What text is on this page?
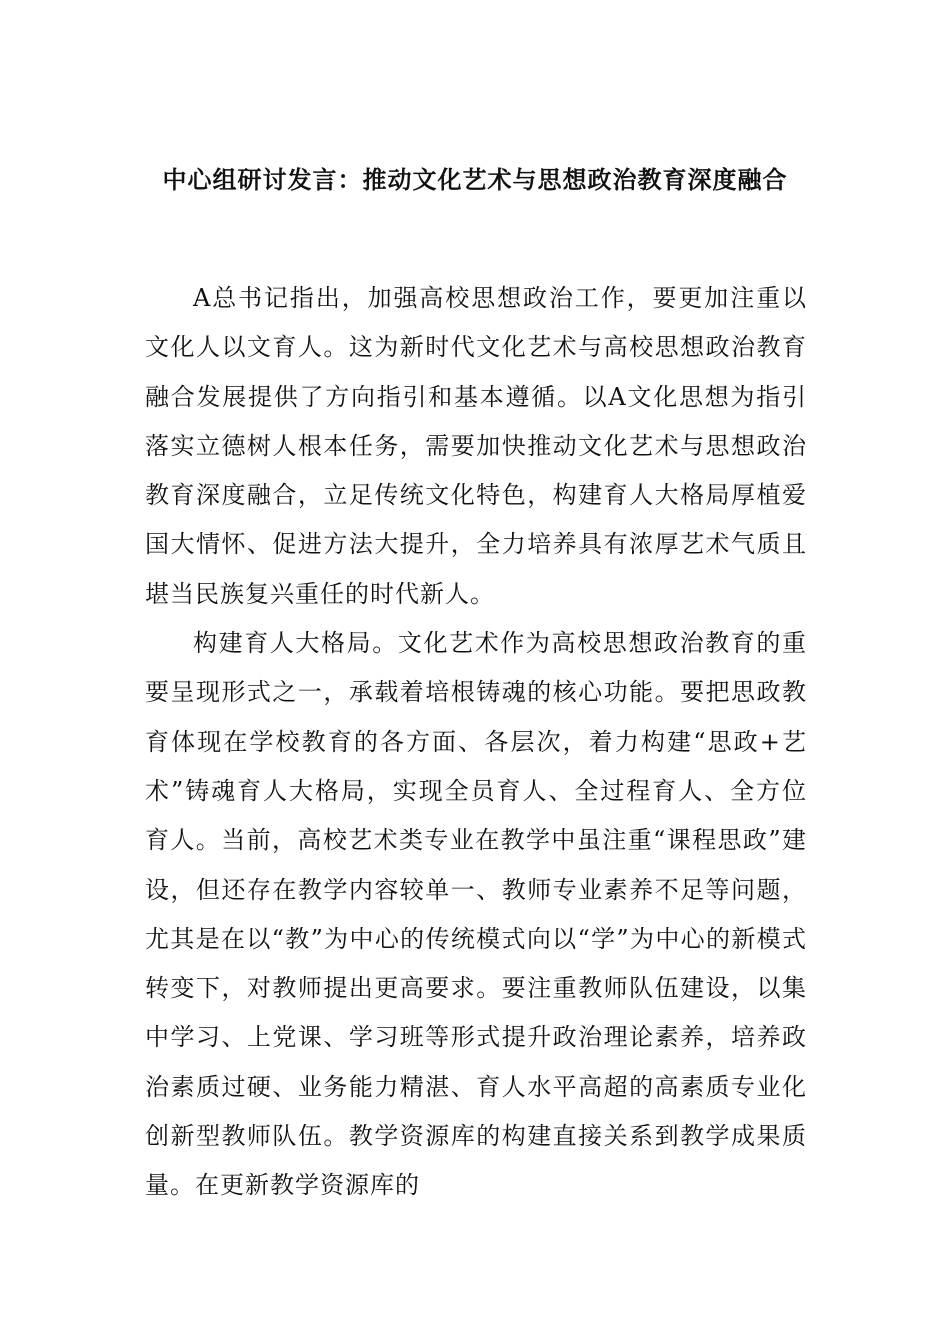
中心组研讨发言：推动文化艺术与思想政治教育深度融合

A总书记指出，加强高校思想政治工作，要更加注重以文化人以文育人。这为新时代文化艺术与高校思想政治教育融合发展提供了方向指引和基本遵循。以A文化思想为指引落实立德树人根本任务，需要加快推动文化艺术与思想政治教育深度融合，立足传统文化特色，构建育人大格局厚植爱国大情怀、促进方法大提升，全力培养具有浓厚艺术气质且堪当民族复兴重任的时代新人。

构建育人大格局。文化艺术作为高校思想政治教育的重要呈现形式之一，承载着培根铸魂的核心功能。要把思政教育体现在学校教育的各方面、各层次，着力构建“思政+艺术”铸魂育人大格局，实现全员育人、全过程育人、全方位育人。当前，高校艺术类专业在教学中虽注重“课程思政”建设，但还存在教学内容较单一、教师专业素养不足等问题，尤其是在以“教”为中心的传统模式向以“学”为中心的新模式转变下，对教师提出更高要求。要注重教师队伍建设，以集中学习、上党课、学习班等形式提升政治理论素养，培养政治素质过硬、业务能力精湛、育人水平高超的高素质专业化创新型教师队伍。教学资源库的构建直接关系到教学成果质量。在更新教学资源库的
